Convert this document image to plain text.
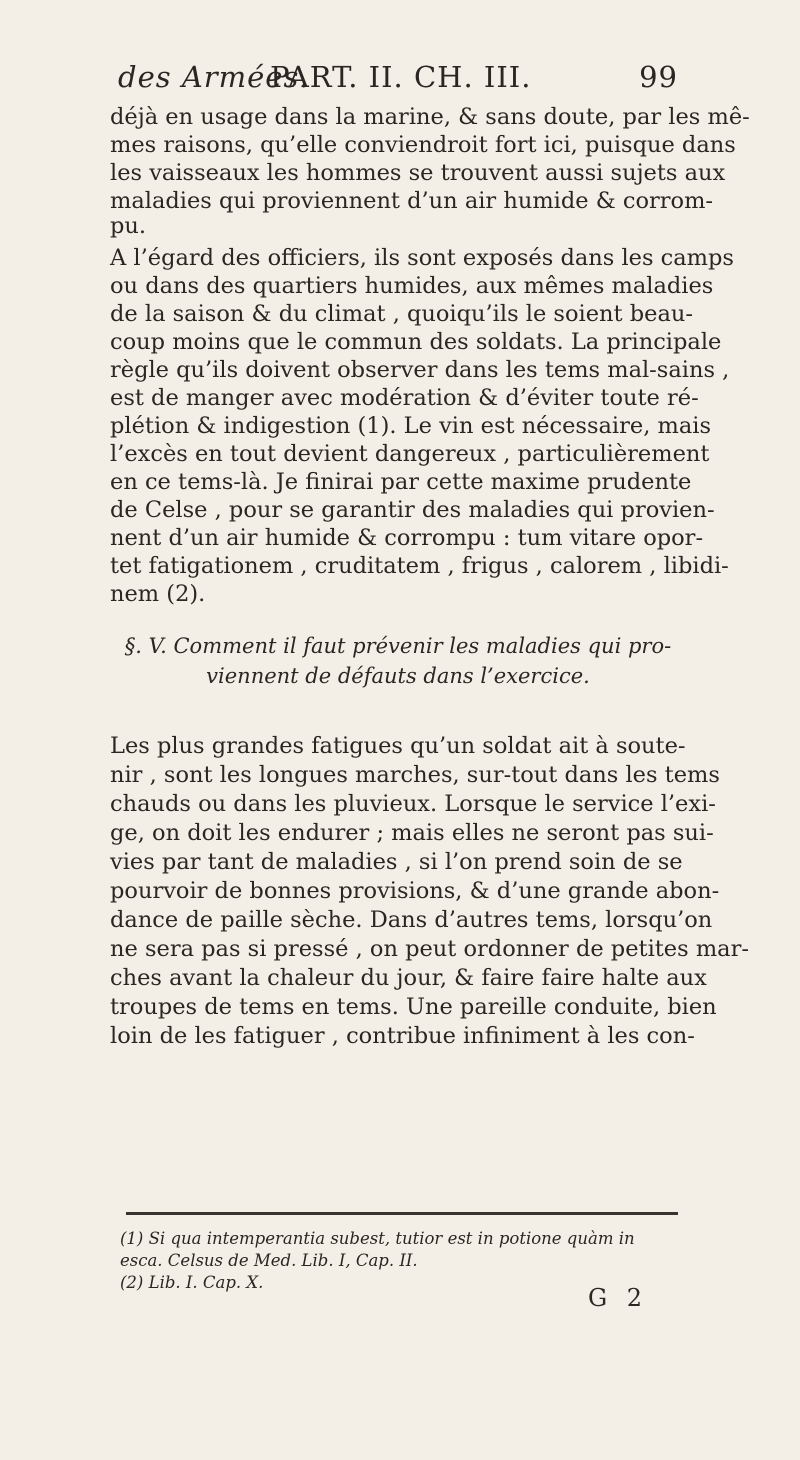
des Armées.
PART. II. CH. III.	99
déjà en usage dans la marine, & sans doute, par les mê-
mes raisons, qu’elle conviendroit fort ici, puisque dans
les vaisseaux les hommes se trouvent aussi sujets aux
maladies qui proviennent d’un air humide & corrom-
pu.
A l’égard des officiers, ils sont exposés dans les camps
ou dans des quartiers humides, aux mêmes maladies
de la saison & du climat , quoiqu’ils le soient beau-
coup moins que le commun des soldats. La principale
règle qu’ils doivent observer dans les tems mal-sains ,
est de manger avec modération & d’éviter toute ré-
plétion & indigestion (1). Le vin est nécessaire, mais
l’excès en tout devient dangereux , particulièrement
en ce tems-là. Je finirai par cette maxime prudente
de Celse , pour se garantir des maladies qui provien-
nent d’un air humide & corrompu : tum vitare opor-
tet fatigationem , cruditatem , frigus , calorem , libidi-
nem (2).
§. V. Comment il faut prévenir les maladies qui pro-
viennent de défauts dans l’exercice.
Les plus grandes fatigues qu’un soldat ait à soute-
nir , sont les longues marches, sur-tout dans les tems
chauds ou dans les pluvieux. Lorsque le service l’exi-
ge, on doit les endurer ; mais elles ne seront pas sui-
vies par tant de maladies , si l’on prend soin de se
pourvoir de bonnes provisions, & d’une grande abon-
dance de paille sèche. Dans d’autres tems, lorsqu’on
ne sera pas si pressé , on peut ordonner de petites mar-
ches avant la chaleur du jour, & faire faire halte aux
troupes de tems en tems. Une pareille conduite, bien
loin de les fatiguer , contribue infiniment à les con-
(1) Si qua intemperantia subest, tutior est in potione quàm in
esca. Celsus de Med. Lib. I, Cap. II.
(2) Lib. I. Cap. X.
G 2
